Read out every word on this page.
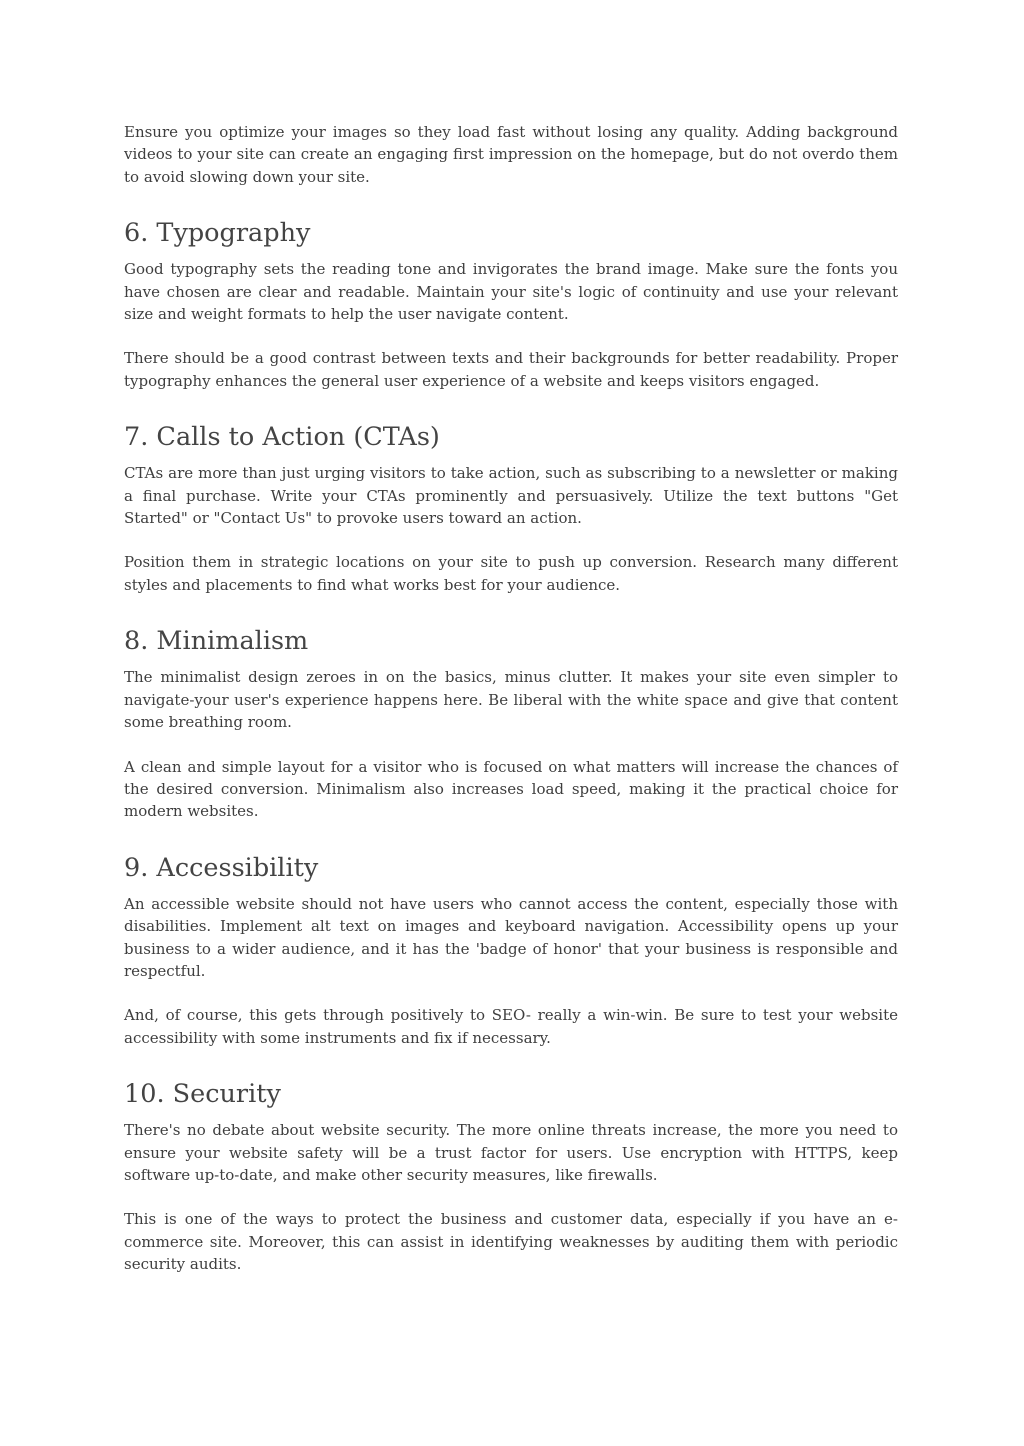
Ensure you optimize your images so they load fast without losing any quality. Adding background videos to your site can create an engaging first impression on the homepage, but do not overdo them to avoid slowing down your site.

6. Typography

Good typography sets the reading tone and invigorates the brand image. Make sure the fonts you have chosen are clear and readable. Maintain your site's logic of continuity and use your relevant size and weight formats to help the user navigate content.

There should be a good contrast between texts and their backgrounds for better readability. Proper typography enhances the general user experience of a website and keeps visitors engaged.

7. Calls to Action (CTAs)

CTAs are more than just urging visitors to take action, such as subscribing to a newsletter or making a final purchase. Write your CTAs prominently and persuasively. Utilize the text buttons "Get Started" or "Contact Us" to provoke users toward an action.

Position them in strategic locations on your site to push up conversion. Research many different styles and placements to find what works best for your audience.

8. Minimalism

The minimalist design zeroes in on the basics, minus clutter. It makes your site even simpler to navigate-your user's experience happens here. Be liberal with the white space and give that content some breathing room.

A clean and simple layout for a visitor who is focused on what matters will increase the chances of the desired conversion. Minimalism also increases load speed, making it the practical choice for modern websites.

9. Accessibility

An accessible website should not have users who cannot access the content, especially those with disabilities. Implement alt text on images and keyboard navigation. Accessibility opens up your business to a wider audience, and it has the 'badge of honor' that your business is responsible and respectful.

And, of course, this gets through positively to SEO- really a win-win. Be sure to test your website accessibility with some instruments and fix if necessary.

10. Security

There's no debate about website security. The more online threats increase, the more you need to ensure your website safety will be a trust factor for users. Use encryption with HTTPS, keep software up-to-date, and make other security measures, like firewalls.

This is one of the ways to protect the business and customer data, especially if you have an e-commerce site. Moreover, this can assist in identifying weaknesses by auditing them with periodic security audits.
